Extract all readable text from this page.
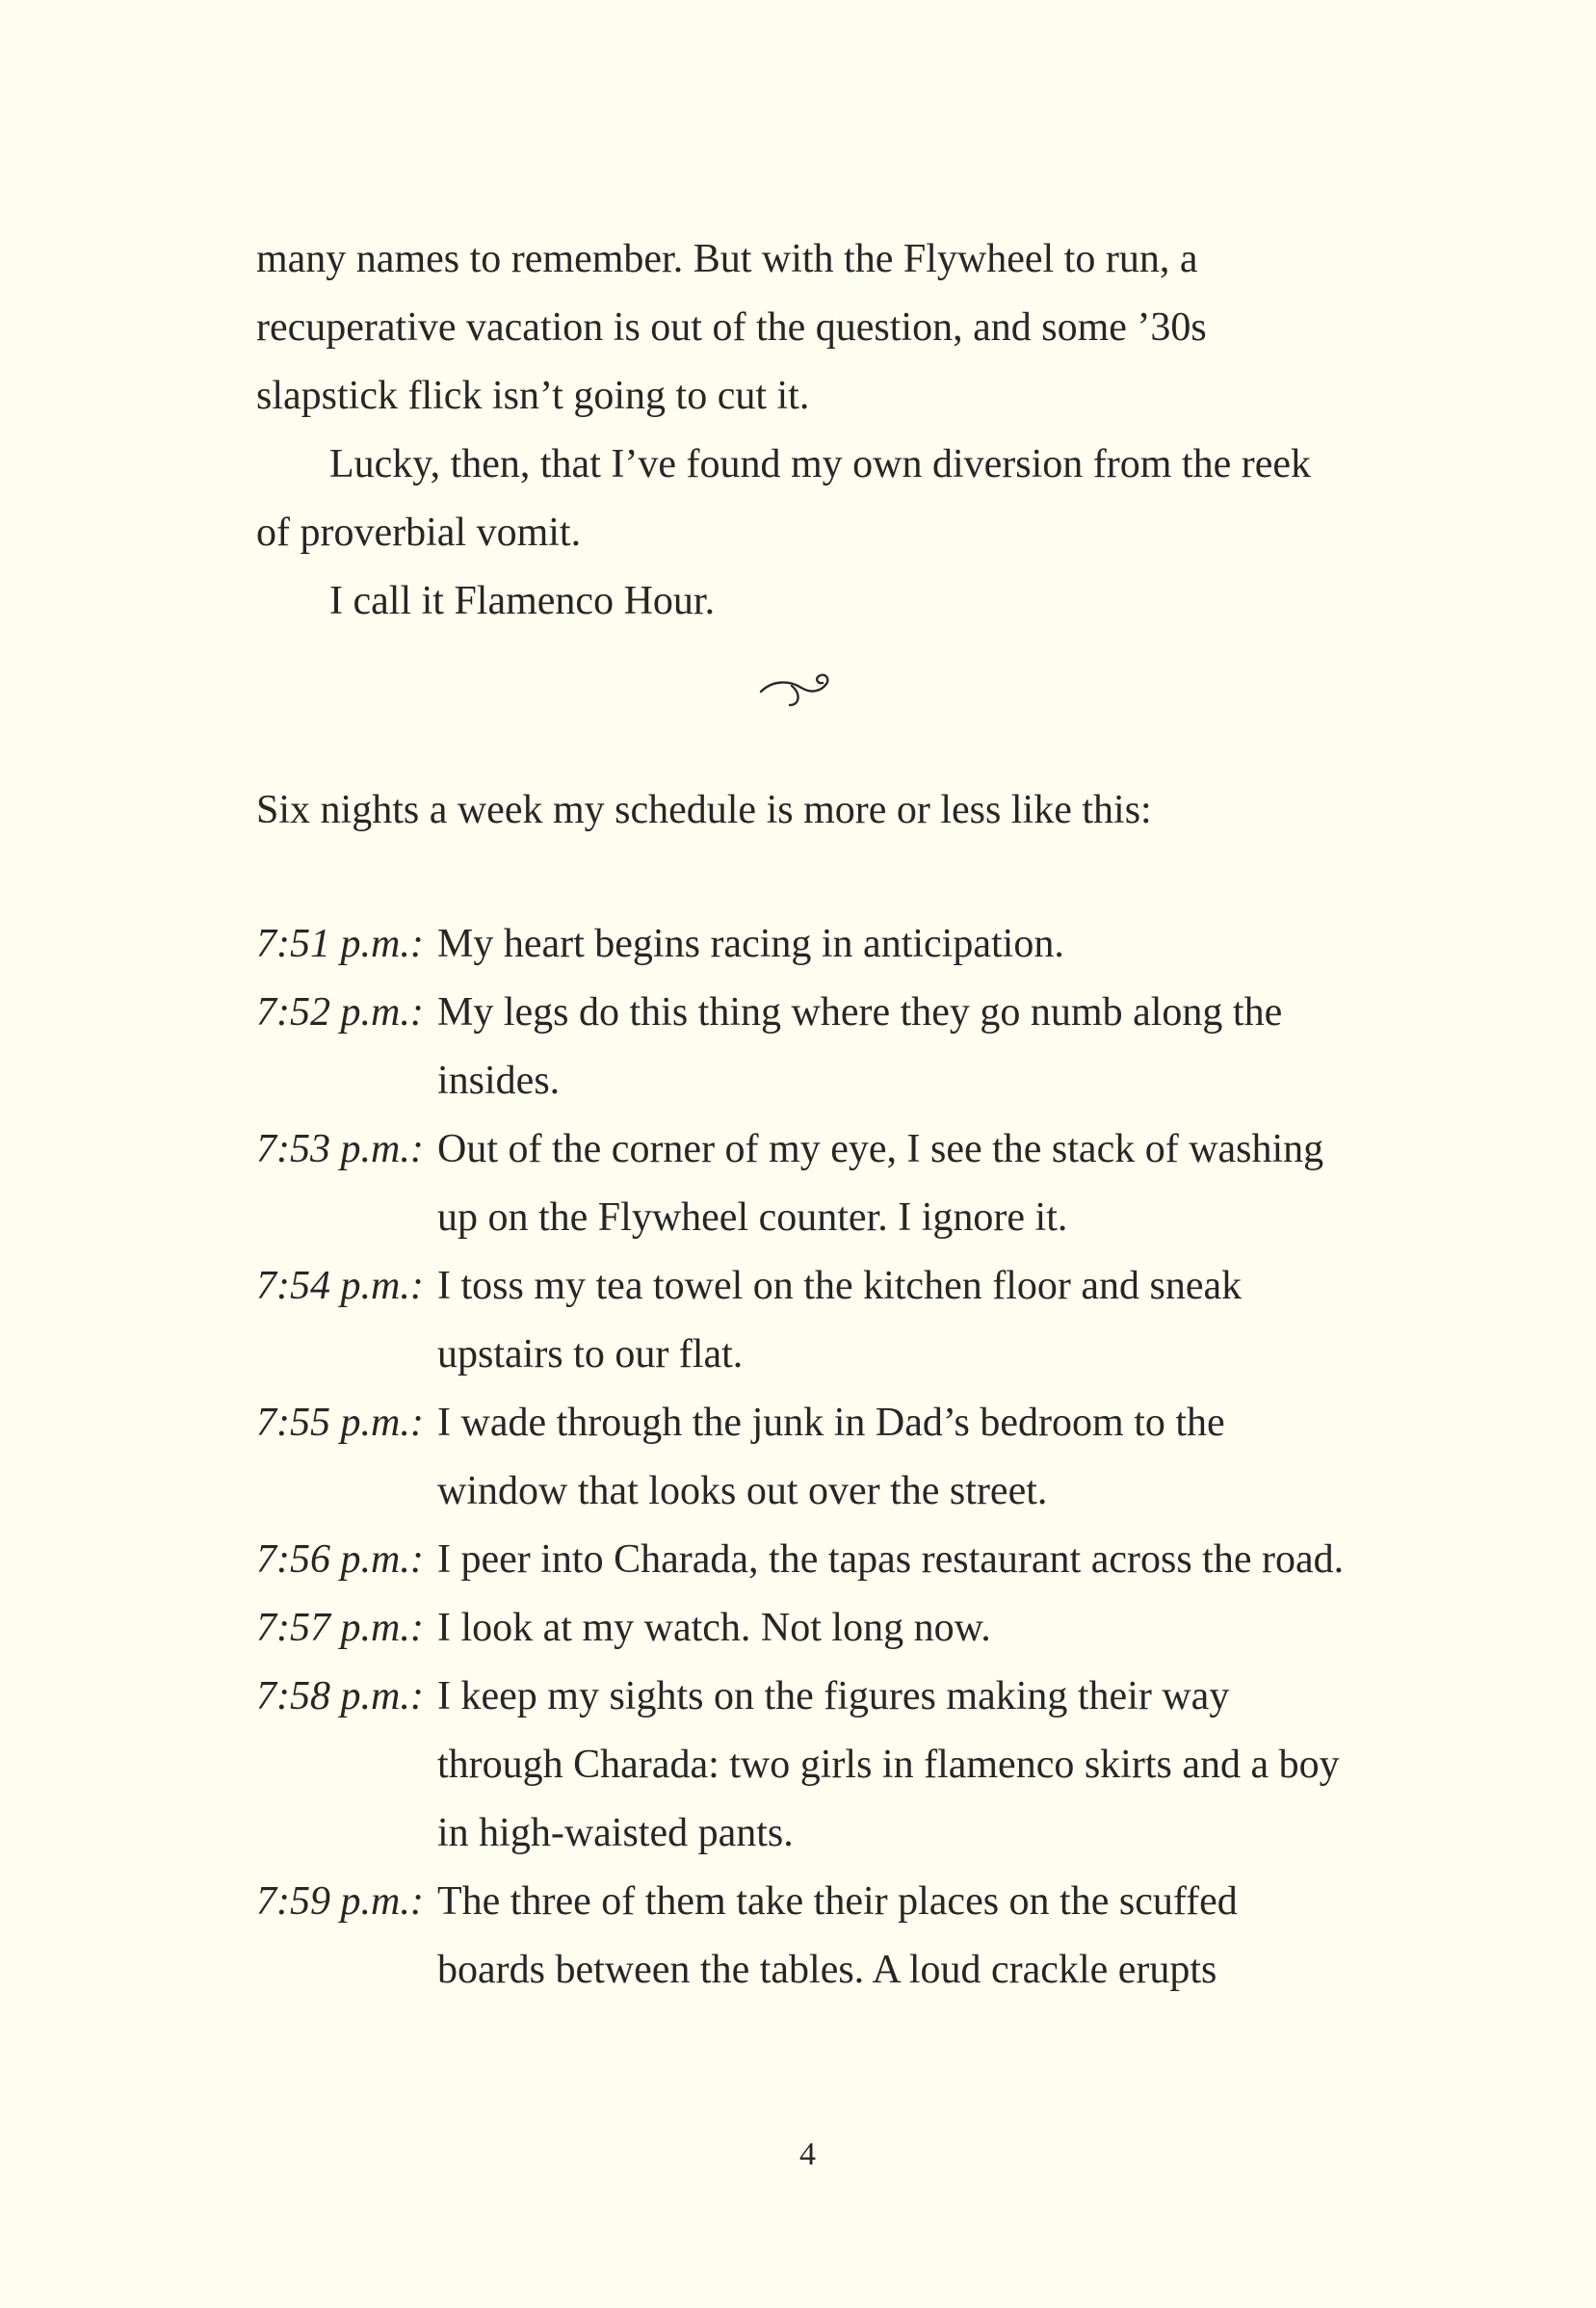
many names to remember. But with the Flywheel to run, a recuperative vacation is out of the question, and some ’30s slapstick flick isn’t going to cut it.

Lucky, then, that I’ve found my own diversion from the reek of proverbial vomit.

I call it Flamenco Hour.

Six nights a week my schedule is more or less like this:

7:51 p.m.: My heart begins racing in anticipation.
7:52 p.m.: My legs do this thing where they go numb along the insides.
7:53 p.m.: Out of the corner of my eye, I see the stack of washing up on the Flywheel counter. I ignore it.
7:54 p.m.: I toss my tea towel on the kitchen floor and sneak upstairs to our flat.
7:55 p.m.: I wade through the junk in Dad’s bedroom to the window that looks out over the street.
7:56 p.m.: I peer into Charada, the tapas restaurant across the road.
7:57 p.m.: I look at my watch. Not long now.
7:58 p.m.: I keep my sights on the figures making their way through Charada: two girls in flamenco skirts and a boy in high-waisted pants.
7:59 p.m.: The three of them take their places on the scuffed boards between the tables. A loud crackle erupts
4
